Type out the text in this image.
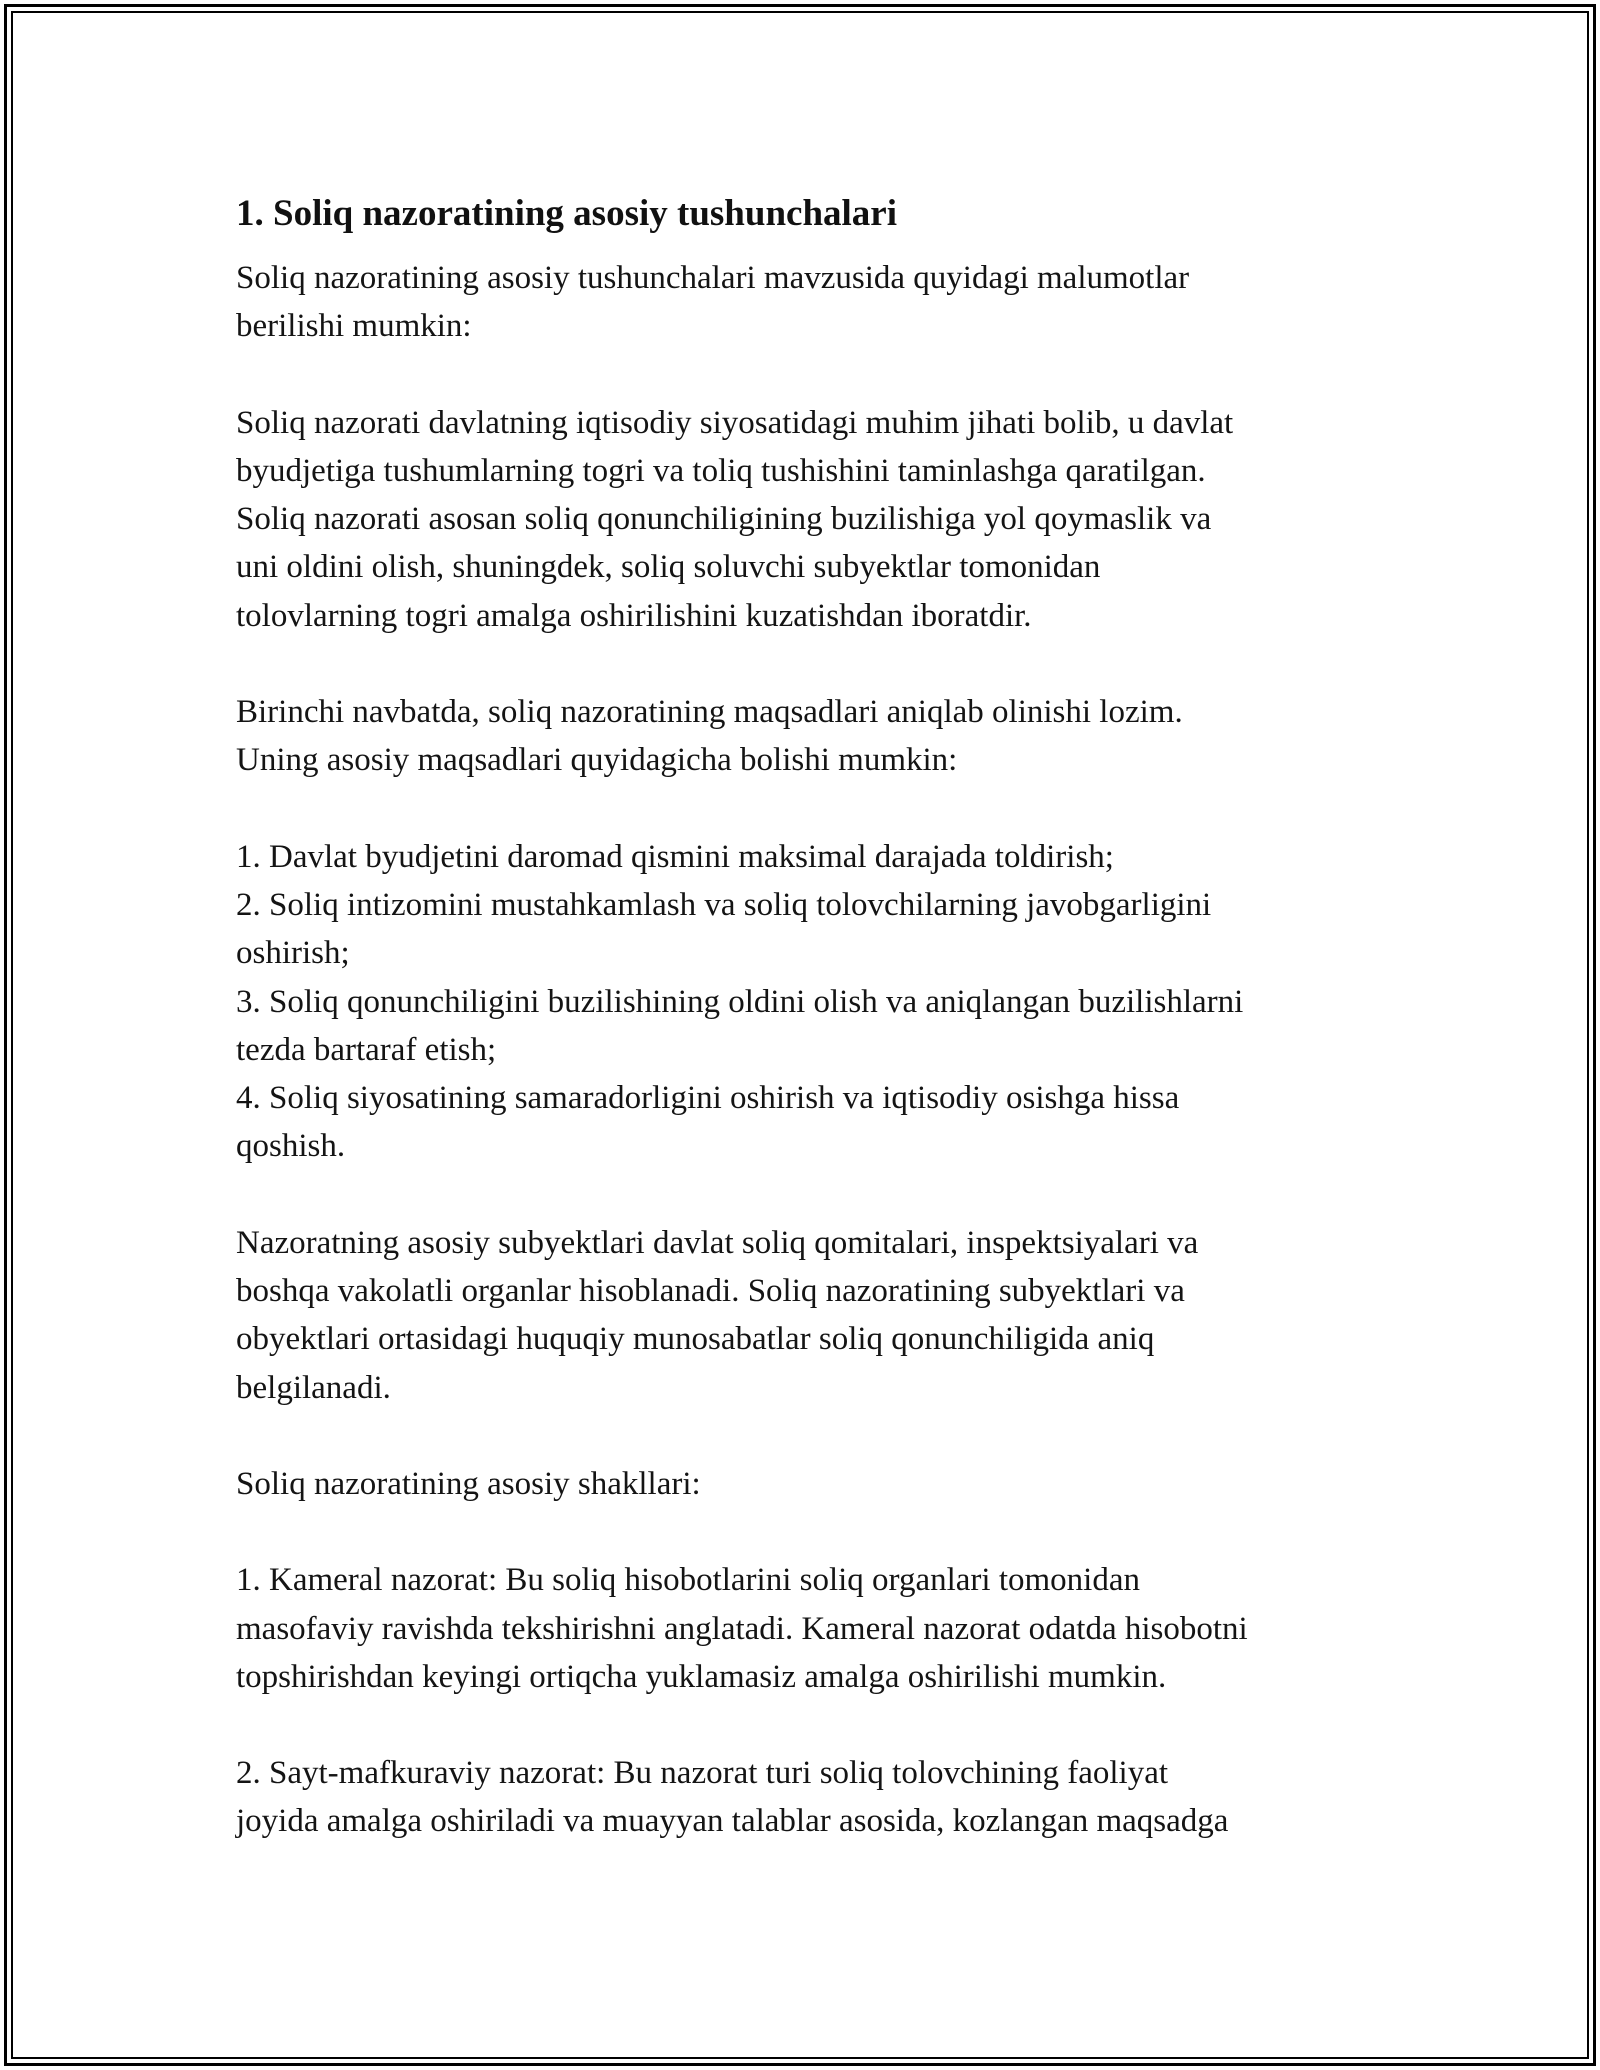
1. Soliq nazoratining asosiy tushunchalari

Soliq nazoratining asosiy tushunchalari mavzusida quyidagi malumotlar
berilishi mumkin:

Soliq nazorati davlatning iqtisodiy siyosatidagi muhim jihati bolib, u davlat
byudjetiga tushumlarning togri va toliq tushishini taminlashga qaratilgan.
Soliq nazorati asosan soliq qonunchiligining buzilishiga yol qoymaslik va
uni oldini olish, shuningdek, soliq soluvchi subyektlar tomonidan
tolovlarning togri amalga oshirilishini kuzatishdan iboratdir.

Birinchi navbatda, soliq nazoratining maqsadlari aniqlab olinishi lozim.
Uning asosiy maqsadlari quyidagicha bolishi mumkin:

1. Davlat byudjetini daromad qismini maksimal darajada toldirish;
2. Soliq intizomini mustahkamlash va soliq tolovchilarning javobgarligini
oshirish;
3. Soliq qonunchiligini buzilishining oldini olish va aniqlangan buzilishlarni
tezda bartaraf etish;
4. Soliq siyosatining samaradorligini oshirish va iqtisodiy osishga hissa
qoshish.

Nazoratning asosiy subyektlari davlat soliq qomitalari, inspektsiyalari va
boshqa vakolatli organlar hisoblanadi. Soliq nazoratining subyektlari va
obyektlari ortasidagi huquqiy munosabatlar soliq qonunchiligida aniq
belgilanadi.

Soliq nazoratining asosiy shakllari:

1. Kameral nazorat: Bu soliq hisobotlarini soliq organlari tomonidan
masofaviy ravishda tekshirishni anglatadi. Kameral nazorat odatda hisobotni
topshirishdan keyingi ortiqcha yuklamasiz amalga oshirilishi mumkin.

2. Sayt-mafkuraviy nazorat: Bu nazorat turi soliq tolovchining faoliyat
joyida amalga oshiriladi va muayyan talablar asosida, kozlangan maqsadga
